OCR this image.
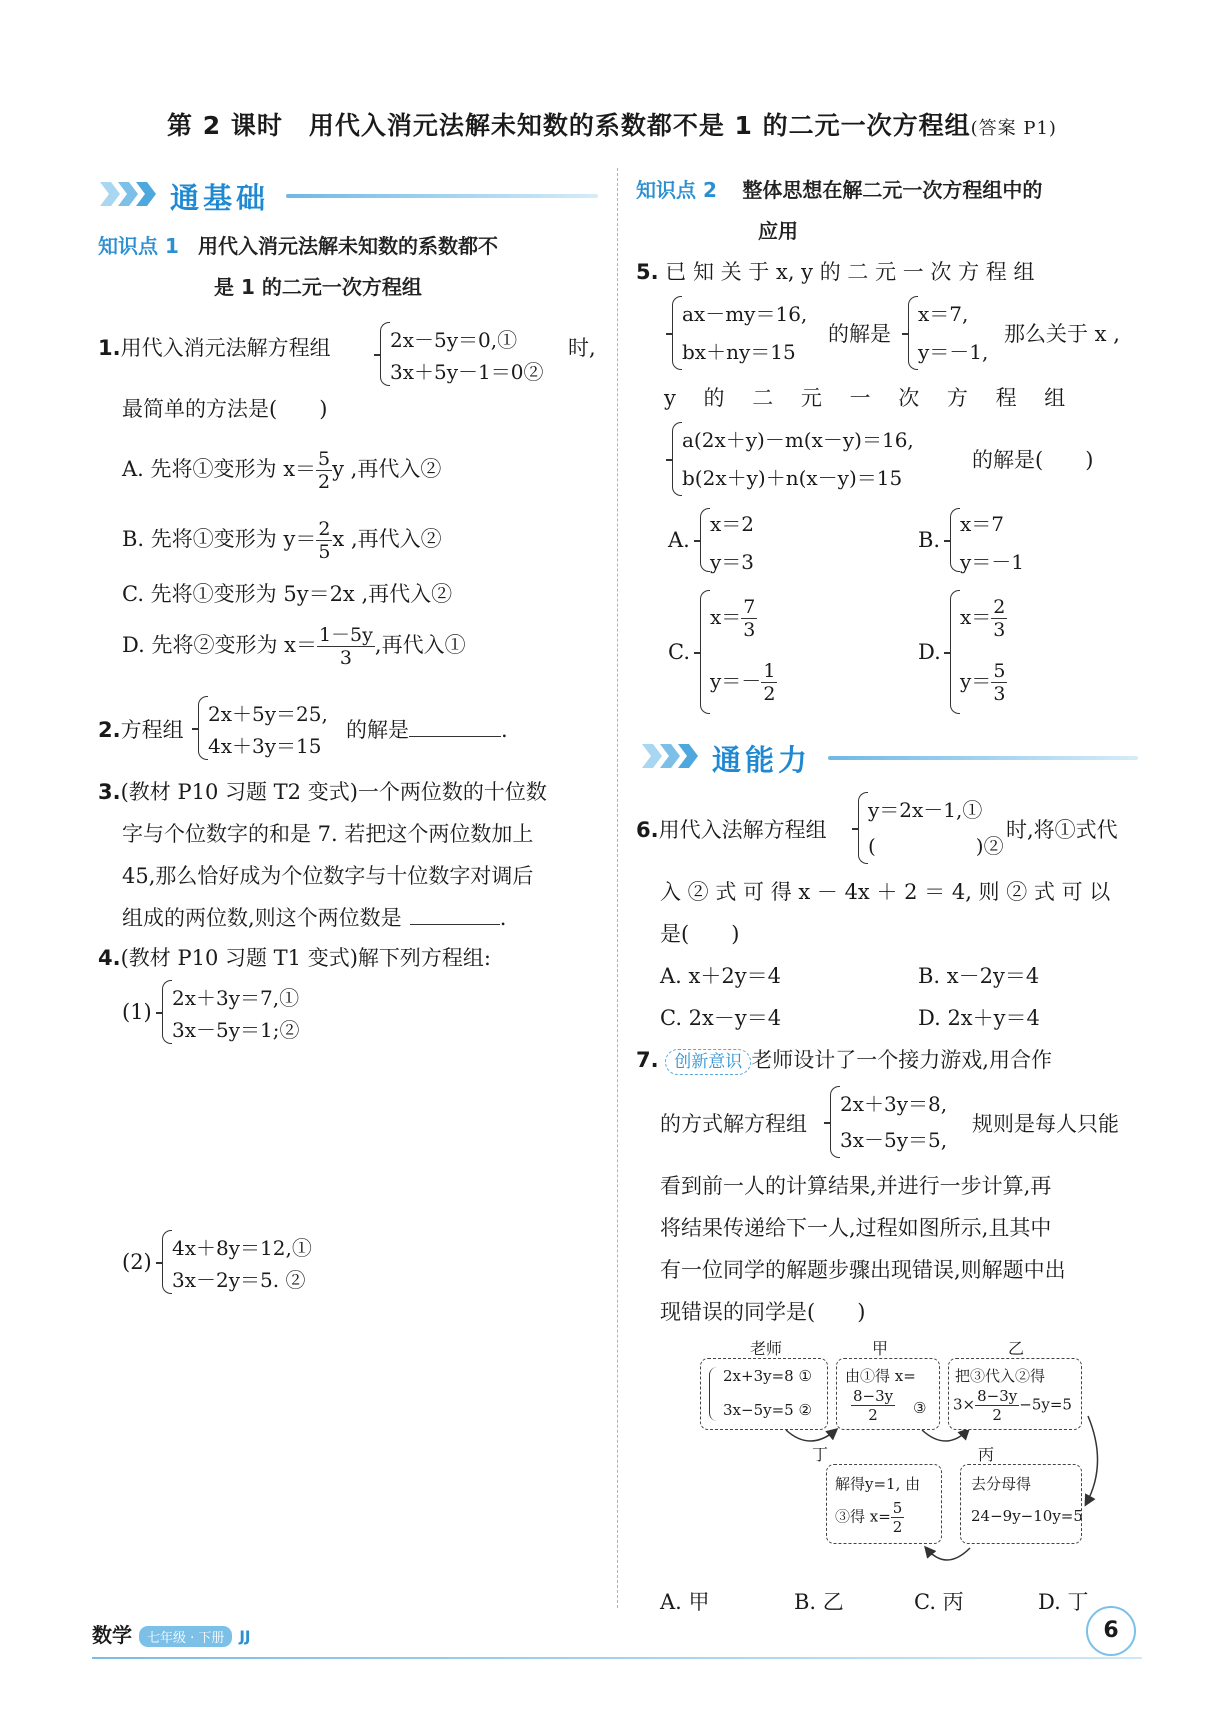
第 2 课时　用代入消元法解未知数的系数都不是 1 的二元一次方程组(答案 P1)
通基础
知识点 1 用代入消元法解未知数的系数都不
是 1 的二元一次方程组
1.用代入消元法解方程组	2x－5y＝0,①
3x＋5y－1＝0②
时,
最简单的方法是(　　)
A. 先将①变形为 $x= \frac{5}{2}$ y ,再代入②
B. 先将①变形为 $y= \frac{2}{5}$ x ,再代入②
C. 先将①变形为 5y＝2x ,再代入②
D. 先将②变形为 $x= \frac{1-5y}{3}$ ,再代入①
2.方程组
2x＋5y＝25,
4x＋3y＝15
的解是	.
3.(教材 P10 习题 T2 变式)一个两位数的十位数
字与个位数字的和是 7. 若把这个两位数加上
45,那么恰好成为个位数字与十位数字对调后
组成的两位数,则这个两位数是	.
4.(教材 P10 习题 T1 变式)解下列方程组:
(1)
2x＋3y＝7,①
3x－5y＝1;②
(2)
4x＋8y＝12,①
3x－2y＝5. ②
知识点 2 整体思想在解二元一次方程组中的
应用
5. 已 知 关 于 x, y 的 二 元 一 次 方 程 组
ax－my＝16,
bx＋ny＝15
的解是
x＝7,
y＝－1,
那么关于 x ,
y　 的　 二　 元　 一　 次　 方　 程　 组
a(2x＋y)－m(x－y)＝16,
b(2x＋y)＋n(x－y)＝15
的解是(　　)
A.
x＝2
y＝3
B.
x＝7
y＝－1
C.
$x= \frac{7}{3}$
$y=- \frac{1}{2}$
D.
$x= \frac{2}{3}$
$y= \frac{5}{3}$
通能力
6.用代入法解方程组
y＝2x－1,①
(　　　　　)②
时,将①式代
入 ② 式 可 得 x － 4x ＋ 2 ＝ 4, 则 ② 式 可 以
是(　　)
A. x＋2y＝4	B. x－2y＝4
C. 2x－y＝4	D. 2x＋y＝4
7. 创新意识 老师设计了一个接力游戏,用合作
的方式解方程组
2x＋3y＝8,
3x－5y＝5,
规则是每人只能
看到前一人的计算结果,并进行一步计算,再
将结果传递给下一人,过程如图所示,且其中
有一位同学的解题步骤出现错误,则解题中出
现错误的同学是(　　)
老师	甲	乙
2x+3y=8 ①
3x−5y=5 ②
由①得 x=
$\frac{8-3y}{2}$ ③
把③代入②得
$3\times \frac{8-3y}{2} -5y=5$
丁	丙
解得y=1, 由
③得 $x= \frac{5}{2}$
去分母得
24−9y−10y=5
A. 甲	B. 乙	C. 丙	D. 丁
数学 七年级 · 下册 JJ	6
